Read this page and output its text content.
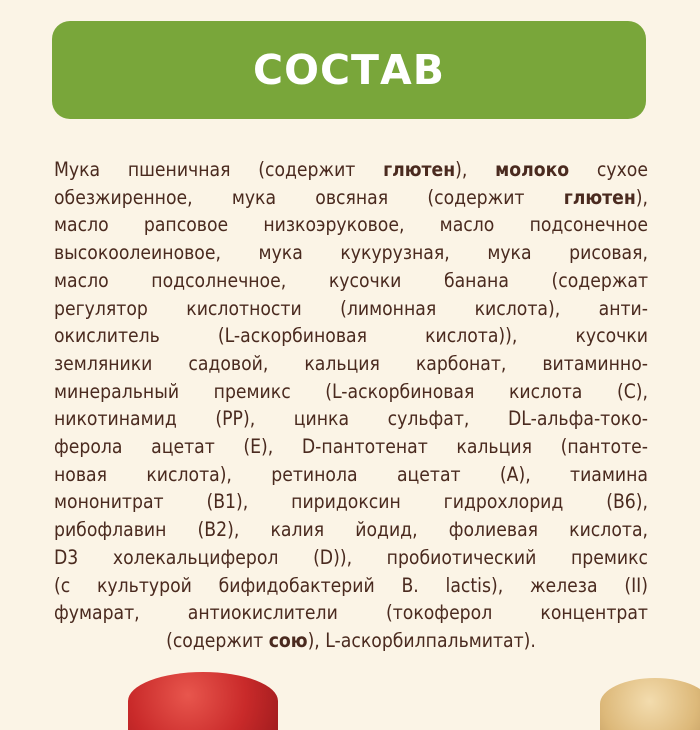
СОСТАВ
Мука пшеничная (содержит глютен), молоко сухое
обезжиренное, мука овсяная (содержит глютен),
масло рапсовое низкоэруковое, масло подсонечное
высокоолеиновое, мука кукурузная, мука рисовая,
масло подсолнечное, кусочки банана (содержат
регулятор кислотности (лимонная кислота), анти-
окислитель (L-аскорбиновая кислота)), кусочки
земляники садовой, кальция карбонат, витаминно-
минеральный премикс (L-аскорбиновая кислота (С),
никотинамид (РР), цинка сульфат, DL-альфа-токо-
ферола ацетат (Е), D-пантотенат кальция (пантоте-
новая кислота), ретинола ацетат (А), тиамина
мононитрат (В1), пиридоксин гидрохлорид (В6),
рибофлавин (В2), калия йодид, фолиевая кислота,
D3 холекальциферол (D)), пробиотический премикс
(с культурой бифидобактерий B. lactis), железа (II)
фумарат, антиокислители (токоферол концентрат
(содержит сою), L-аскорбилпальмитат).
